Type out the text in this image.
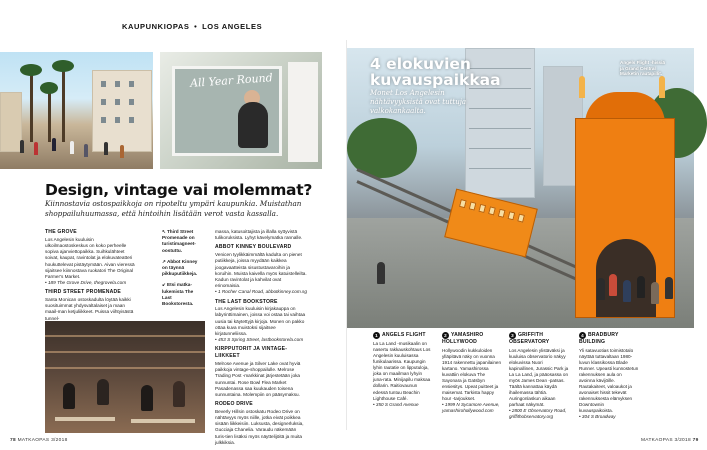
KAUPUNKIOPAS • LOS ANGELES
All Year Round
Design, vintage vai molemmat?
Kiinnostavia ostospaikkoja on ripoteltu ympäri kaupunkia. Muistathan shoppailuhuumassa, että hintoihin lisätään verot vasta kassalla.
THE GROVE

Los Angelesin kuuluisin ulkoilmaostoskeskus on koko perheelle sopiva ajanviettopaikka. Suihkulähteet soivat, kaupat, ravintolat ja elokuvateatteri houkuttelevat pistäytymään. Aivan vieressä sijaitsee kiinnostava ruokatori The Original Farmer's Market.
• 189 The Grove Drive, thegrovela.com

THIRD STREET PROMENADE

Santa Monican ostoskadulta löytää kaikki suosituimmat yhdysvaltalaiset ja maan maail-man ketjuliikkeet. Puissa viihtyisästä tunnel-

↖Third Street Promenade on turistimagneet-oostuttu.

↗Abbot Kinney on täynnä pikkuputiikkeja.

↙Etsi matka-lukemista The Last Bookstoresta.

massa, katusoittajista ja illalla syttyvistä tulikoruksista. Lyhyt kävelymatka rannalle.

ABBOT KINNEY BOULEVARD

Venicen tyylikkäimmältä kadulta on pienet putiikkeja, joissa myydään kaikkea joogavaatteista sisustustavaroihin ja koruihin. Muista kaivella myös katuistelleilta. Kadun ravintolat ja kahvilat ovat erinomaisia.
• 1 Rocher Canal Road, abbotkinney.com.sg

THE LAST BOOKSTORE

Los Angelesin kuuluisin kirjakauppa on labyrinttimainen, joissa voi ostaa tai vaihtaa uusia tai käytettyjä kirjoja. Monen on pakko ottaa kuva muistoksi sijaitsee kirjatunneliissa.
• 453 S Spring Street, lastbookstorela.com

KIRPPUTORIT JA VINTAGE-LIIKKEET

Melrose Avenue ja Silver Lake ovat hyviä paikkoja vintage-shoppailulle. Melrose Trading Post -markkinat järjestetään joka sunnuntai. Rose Bowl Flea Market Pasadenassa saa kuukauden toisena sunnuntaina. Molempiin on pääsymaksu.

RODEO DRIVE

Beverly Hillsin ostoskatu Rodeo Drive on nähtävyys myös niille, jotka eivät poikkea sisään liikkeisiin. Luksusta, designerluksia, Gucciaja Chanelia. Varaudu näkemään turis-tien lisäksi myös näyttelijöitä ja muita julkkiksia.

78 MATKAOPAS 3/2018
4 elokuvien
kuvauspaikkaa
Monet Los Angelesin nähtävyyksistä ovat tuttuja valkokankaalta.
Angels Flight -hissiä ja Grand Central Marketin rautapillit.
1 ANGELS FLIGHT

La La Land -musikaalin on nasertu rakkauskohtaus Los Angelesin kuuluisassa funikulaarissa. Kaupungin lyhin rautatie on lipputuloja, joka on maailman lyhyin juna-rata. Minijapilu maksaa dollarin. Raitiovaunun edessä tuntuu Beachin Lighthouse Café.

• 350 S Grand Avenue

2 YAMASHIRO HOLLYWOOD

Hollywoodin kukkuloiden ylläpitävä näky on vuonna 1914 rakennettu japanilainen kartano. Yamashirossa kuvattiin elokuva The Sayonara ja Gatsbyn ensiesitys. Upeat puitteet ja maisemat. Tarkista happy hour -tarjoukset.

• 1999 N Sycamore Avenue, yamashirohollywood.com

3 GRIFFITH OBSERVATORY

Los Angelesin ylistäväksi ja kuuluisa observatorio näkyy elokuvissa Nuori kapinallinen, Jurassic Park ja La La Land, ja pääosassa on myös James Dean -patsas. Täältä kannattaa käydä ihailemassa tähtiä. Auringonlaskun aikaan parhaat näkymät.

• 2800 E Observatory Road, griffithobservatory.org

4 BRADBURY BUILDING

Yli satavuotias toimistotalo näyttää tuttavaltaan 1980-luvun klassikossa Blade Runner. Upeasti kunnostetun rakennuksen aula on avoinna kävijöille. Rautakaiteet, valoaukot ja avonaiset hissit tekevät rakennuksesta elämyksen Downtownin kuvauspaikoista.

• 304 S Broadway

MATKAOPAS 3/2018 79
